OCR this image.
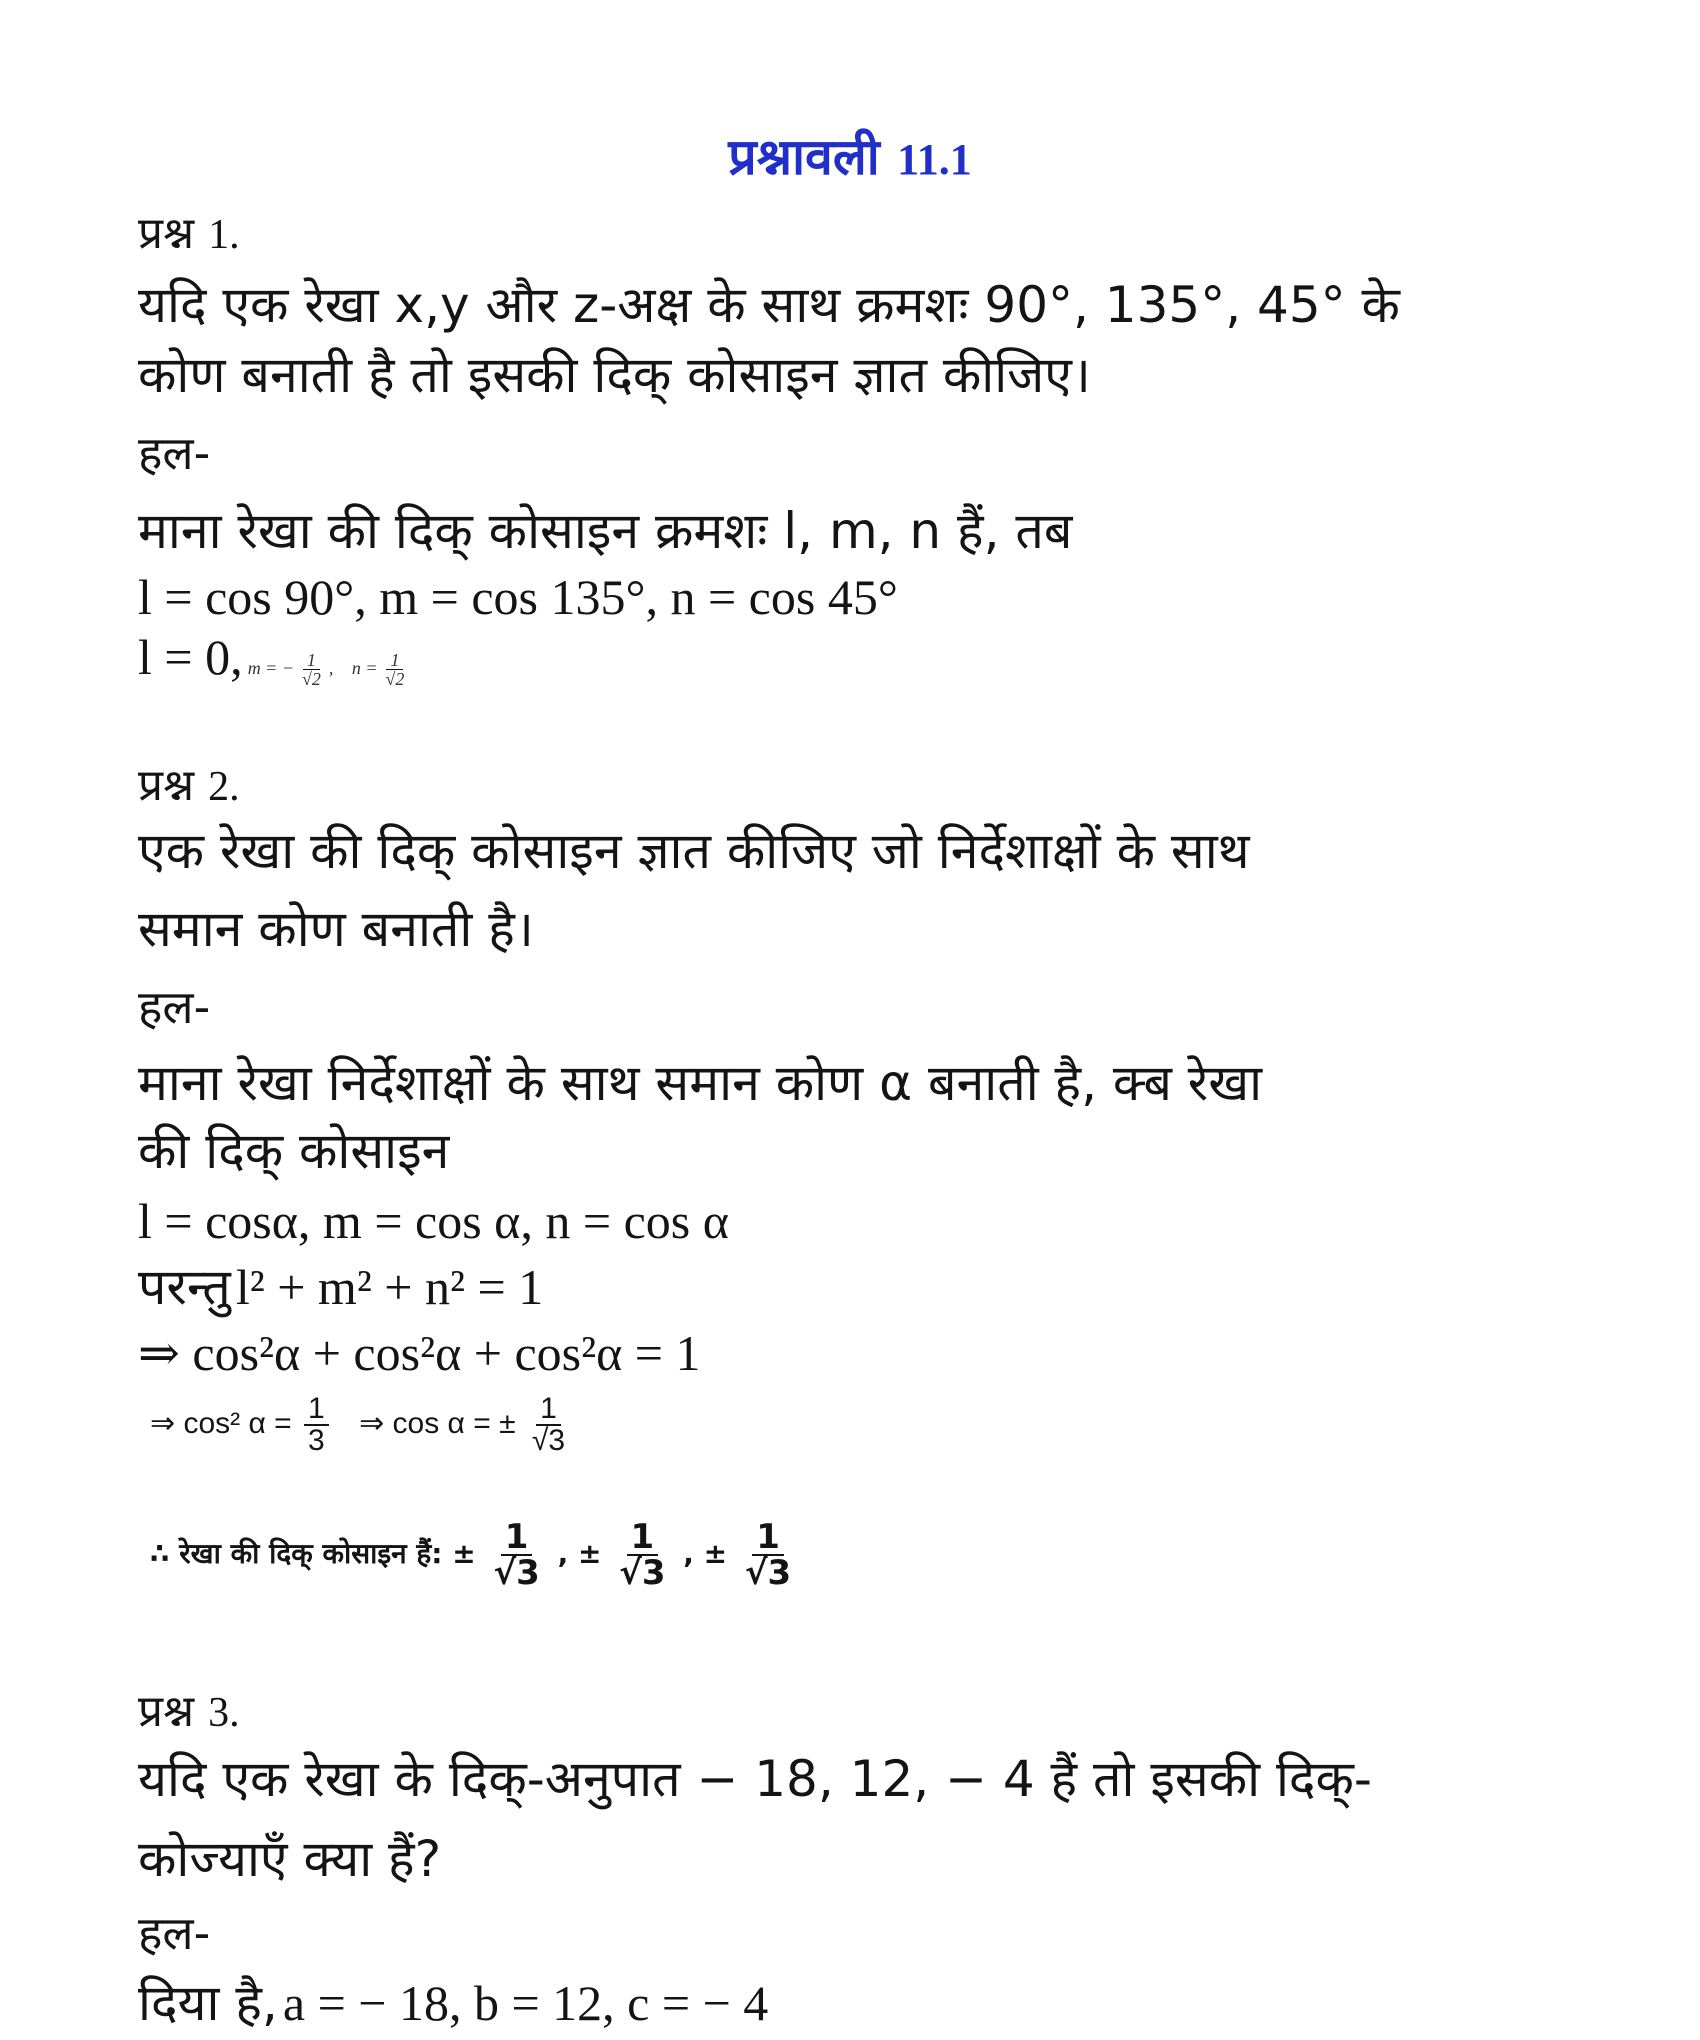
प्रश्नावली 11.1
प्रश्न 1.
यदि एक रेखा x,y और z-अक्ष के साथ क्रमशः 90°, 135°, 45° के
कोण बनाती है तो इसकी दिक् कोसाइन ज्ञात कीजिए।
हल-
माना रेखा की दिक् कोसाइन क्रमशः l, m, n हैं, तब
l = cos 90°, m = cos 135°, n = cos 45°
l = 0, m = − $\frac{1}{√2}$ , $n = \frac{1}{√2}$
प्रश्न 2.
एक रेखा की दिक् कोसाइन ज्ञात कीजिए जो निर्देशाक्षों के साथ
समान कोण बनाती है।
हल-
माना रेखा निर्देशाक्षों के साथ समान कोण α बनाती है, क्ब रेखा
की दिक् कोसाइन
l = cosα, m = cos α, n = cos α
परन्तु l² + m² + n² = 1
⇒ cos²α + cos²α + cos²α = 1
⇒ cos² $\alpha = \frac{1}{3}$ ⇒ cos α = ± $\frac{1}{√3}$
∴ रेखा की दिक् कोसाइन हैं: ± $\frac{1}{√3}$ , ± $\frac{1}{√3}$ , ± $\frac{1}{√3}$
प्रश्न 3.
यदि एक रेखा के दिक्-अनुपात − 18, 12, − 4 हैं तो इसकी दिक्-
कोज्याएँ क्या हैं?
हल-
दिया है, a = − 18, b = 12, c = − 4
